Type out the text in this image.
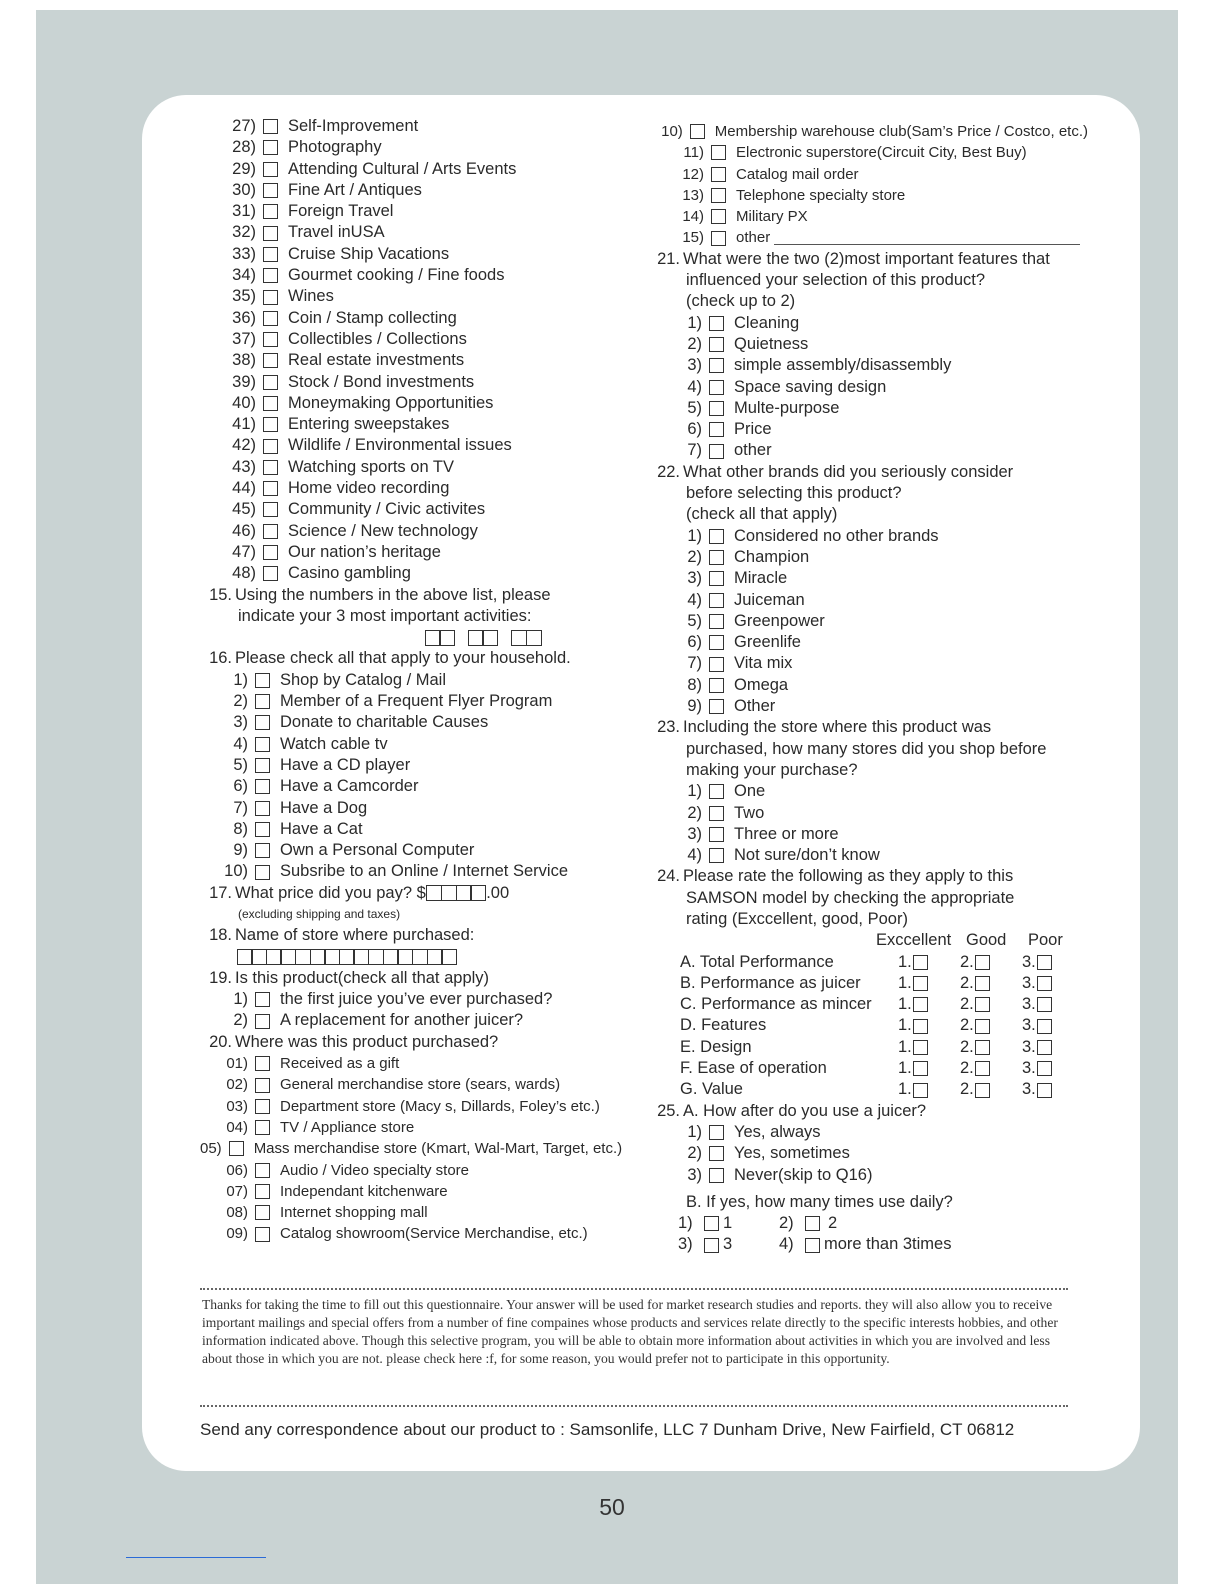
27) Self-Improvement
28) Photography
29) Attending Cultural / Arts Events
30) Fine Art / Antiques
31) Foreign Travel
32) Travel inUSA
33) Cruise Ship Vacations
34) Gourmet cooking / Fine foods
35) Wines
36) Coin / Stamp collecting
37) Collectibles / Collections
38) Real estate investments
39) Stock / Bond investments
40) Moneymaking Opportunities
41) Entering sweepstakes
42) Wildlife / Environmental issues
43) Watching sports on TV
44) Home video recording
45) Community / Civic activites
46) Science / New technology
47) Our nation’s heritage
48) Casino gambling
15. Using the numbers in the above list, please
indicate your 3 most important activities:
16. Please check all that apply to your household.
1) Shop by Catalog / Mail
2) Member of a Frequent Flyer Program
3) Donate to charitable Causes
4) Watch cable tv
5) Have a CD player
6) Have a Camcorder
7) Have a Dog
8) Have a Cat
9) Own a Personal Computer
10) Subsribe to an Online / Internet Service
17. What price did you pay? $	.00
(excluding shipping and taxes)
18. Name of store where purchased:
19. Is this product(check all that apply)
1) the first juice you’ve ever purchased?
2) A replacement for another juicer?
20. Where was this product purchased?
01) Received as a gift
02) General merchandise store (sears, wards)
03) Department store (Macy s, Dillards, Foley’s etc.)
04) TV / Appliance store
05) Mass merchandise store (Kmart, Wal-Mart, Target, etc.)
06) Audio / Video specialty store
07) Independant kitchenware
08) Internet shopping mall
09) Catalog showroom(Service Merchandise, etc.)
10) Membership warehouse club(Sam’s Price / Costco, etc.)
11) Electronic superstore(Circuit City, Best Buy)
12) Catalog mail order
13) Telephone specialty store
14) Military PX
15) other
21. What were the two (2)most important features that
influenced your selection of this product?
(check up to 2)
1) Cleaning
2) Quietness
3) simple assembly/disassembly
4) Space saving design
5) Multe-purpose
6) Price
7) other
22. What other brands did you seriously consider
before selecting this product?
(check all that apply)
1) Considered no other brands
2) Champion
3) Miracle
4) Juiceman
5) Greenpower
6) Greenlife
7) Vita mix
8) Omega
9) Other
23. Including the store where this product was
purchased, how many stores did you shop before
making your purchase?
1) One
2) Two
3) Three or more
4) Not sure/don’t know
24. Please rate the following as they apply to this
SAMSON model by checking the appropriate
rating (Exccellent, good, Poor)
Exccellent Good	Poor
A. Total Performance	1.	2.	3.
B. Performance as juicer	1.	2.	3.
C. Performance as mincer	1.	2.	3.
D. Features	1.	2.	3.
E. Design	1.	2.	3.
F. Ease of operation	1.	2.	3.
G. Value	1.	2.	3.
25. A. How after do you use a juicer?
1) Yes, always
2) Yes, sometimes
3) Never(skip to Q16)
B. If yes, how many times use daily?
1)	1	2)	2
3)	3	4)	more than 3times
Thanks for taking the time to fill out this questionnaire. Your answer will be used for market research studies and reports. they will also allow you to receive important mailings and special offers from a number of fine compaines whose products and services relate directly to the specific interests hobbies, and other information indicated above. Though this selective program, you will be able to obtain more information about activities in which you are involved and less about those in which you are not. please check here :f, for some reason, you would prefer not to participate in this opportunity.
Send any correspondence about our product to : Samsonlife, LLC 7 Dunham Drive, New Fairfield, CT 06812
50
